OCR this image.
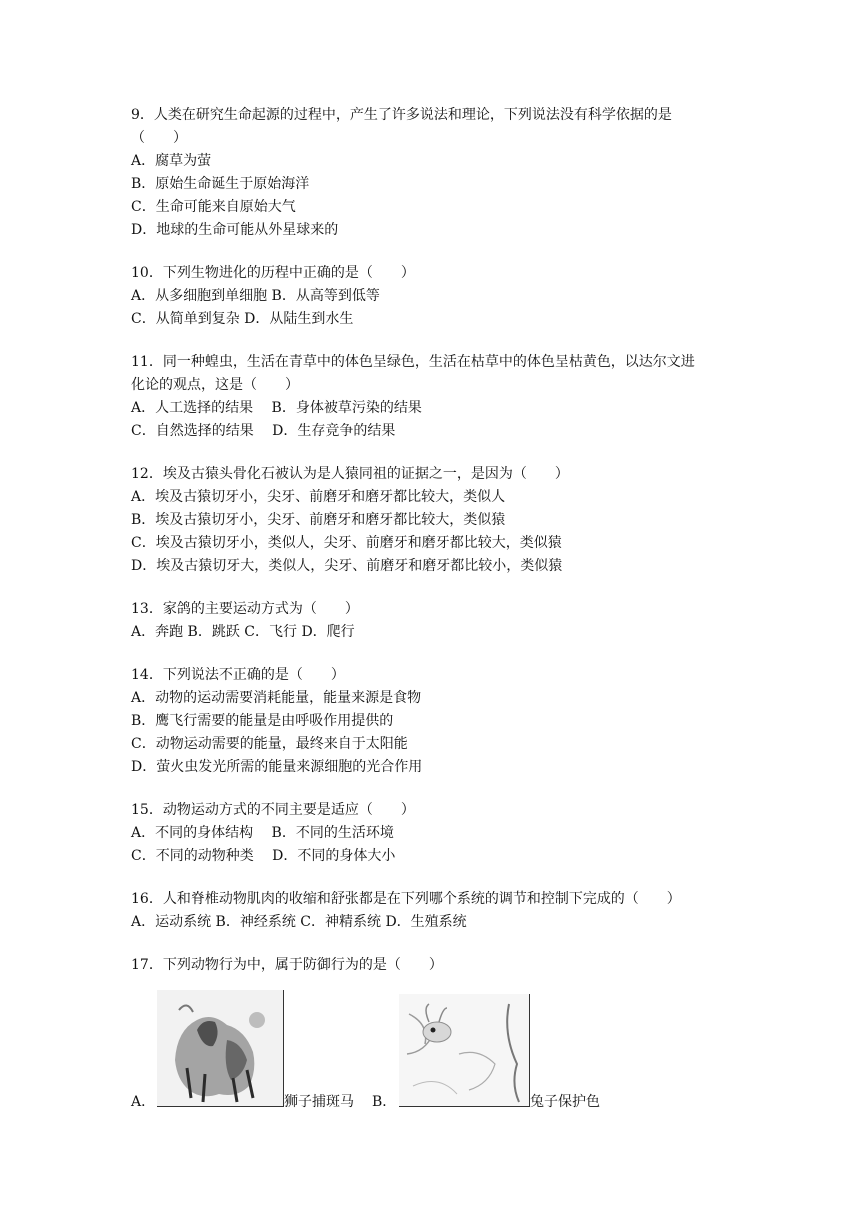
9．人类在研究生命起源的过程中，产生了许多说法和理论，下列说法没有科学依据的是
（　　）
A．腐草为萤
B．原始生命诞生于原始海洋
C．生命可能来自原始大气
D．地球的生命可能从外星球来的
10．下列生物进化的历程中正确的是（　　）
A．从多细胞到单细胞 B．从高等到低等
C．从简单到复杂 D．从陆生到水生
11．同一种蝗虫，生活在青草中的体色呈绿色，生活在枯草中的体色呈枯黄色，以达尔文进
化论的观点，这是（　　）
A．人工选择的结果　 B．身体被草污染的结果
C．自然选择的结果　 D．生存竞争的结果
12．埃及古猿头骨化石被认为是人猿同祖的证据之一，是因为（　　）
A．埃及古猿切牙小，尖牙、前磨牙和磨牙都比较大，类似人
B．埃及古猿切牙小，尖牙、前磨牙和磨牙都比较大，类似猿
C．埃及古猿切牙小，类似人，尖牙、前磨牙和磨牙都比较大，类似猿
D．埃及古猿切牙大，类似人，尖牙、前磨牙和磨牙都比较小，类似猿
13．家鸽的主要运动方式为（　　）
A．奔跑 B．跳跃 C．飞行 D．爬行
14．下列说法不正确的是（　　）
A．动物的运动需要消耗能量，能量来源是食物
B．鹰飞行需要的能量是由呼吸作用提供的
C．动物运动需要的能量，最终来自于太阳能
D．萤火虫发光所需的能量来源细胞的光合作用
15．动物运动方式的不同主要是适应（　　）
A．不同的身体结构　 B．不同的生活环境
C．不同的动物种类　 D．不同的身体大小
16．人和脊椎动物肌肉的收缩和舒张都是在下列哪个系统的调节和控制下完成的（　　）
A．运动系统 B．神经系统 C．神精系统 D．生殖系统
17．下列动物行为中，属于防御行为的是（　　）
A．	狮子捕斑马 B．	兔子保护色
